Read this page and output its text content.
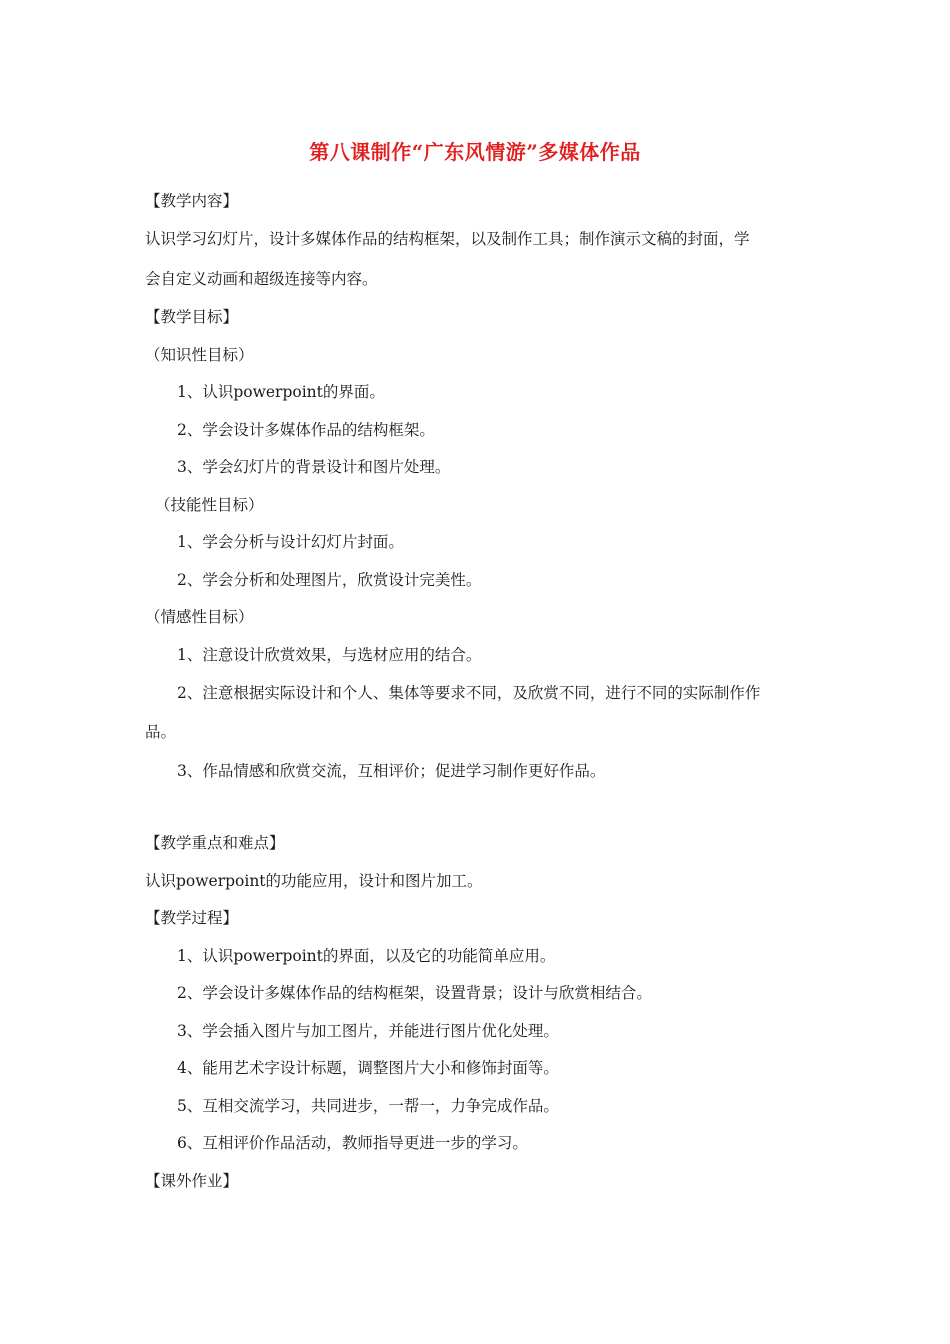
第八课制作“广东风情游”多媒体作品
【教学内容】
认识学习幻灯片，设计多媒体作品的结构框架，以及制作工具；制作演示文稿的封面，学
会自定义动画和超级连接等内容。
【教学目标】
（知识性目标）
1、认识powerpoint的界面。
2、学会设计多媒体作品的结构框架。
3、学会幻灯片的背景设计和图片处理。
（技能性目标）
1、学会分析与设计幻灯片封面。
2、学会分析和处理图片，欣赏设计完美性。
（情感性目标）
1、注意设计欣赏效果，与选材应用的结合。
2、注意根据实际设计和个人、集体等要求不同，及欣赏不同，进行不同的实际制作作
品。
3、作品情感和欣赏交流，互相评价；促进学习制作更好作品。
【教学重点和难点】
认识powerpoint的功能应用，设计和图片加工。
【教学过程】
1、认识powerpoint的界面，以及它的功能简单应用。
2、学会设计多媒体作品的结构框架，设置背景；设计与欣赏相结合。
3、学会插入图片与加工图片，并能进行图片优化处理。
4、能用艺术字设计标题，调整图片大小和修饰封面等。
5、互相交流学习，共同进步，一帮一，力争完成作品。
6、互相评价作品活动，教师指导更进一步的学习。
【课外作业】
